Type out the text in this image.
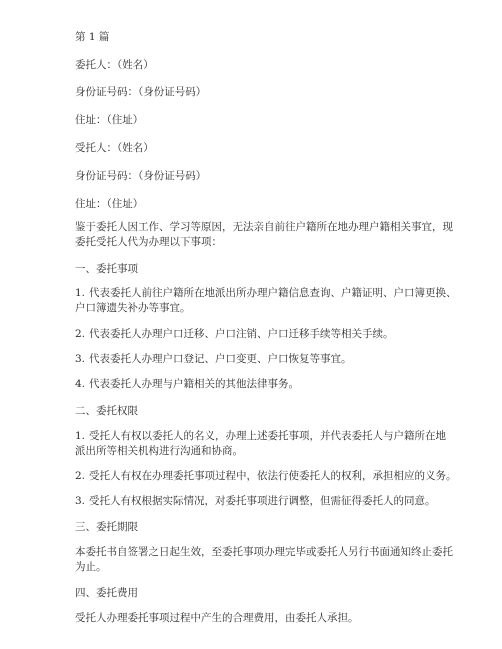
第 1 篇

委托人：（姓名）

身份证号码：（身份证号码）

住址：（住址）

受托人：（姓名）

身份证号码：（身份证号码）

住址：（住址）

鉴于委托人因工作、学习等原因，无法亲自前往户籍所在地办理户籍相关事宜，现

委托受托人代为办理以下事项：

一、委托事项

1. 代表委托人前往户籍所在地派出所办理户籍信息查询、户籍证明、户口簿更换、

户口簿遗失补办等事宜。

2. 代表委托人办理户口迁移、户口注销、户口迁移手续等相关手续。

3. 代表委托人办理户口登记、户口变更、户口恢复等事宜。

4. 代表委托人办理与户籍相关的其他法律事务。

二、委托权限

1. 受托人有权以委托人的名义，办理上述委托事项，并代表委托人与户籍所在地

派出所等相关机构进行沟通和协商。

2. 受托人有权在办理委托事项过程中，依法行使委托人的权利，承担相应的义务。

3. 受托人有权根据实际情况，对委托事项进行调整，但需征得委托人的同意。

三、委托期限

本委托书自签署之日起生效，至委托事项办理完毕或委托人另行书面通知终止委托

为止。

四、委托费用

受托人办理委托事项过程中产生的合理费用，由委托人承担。
